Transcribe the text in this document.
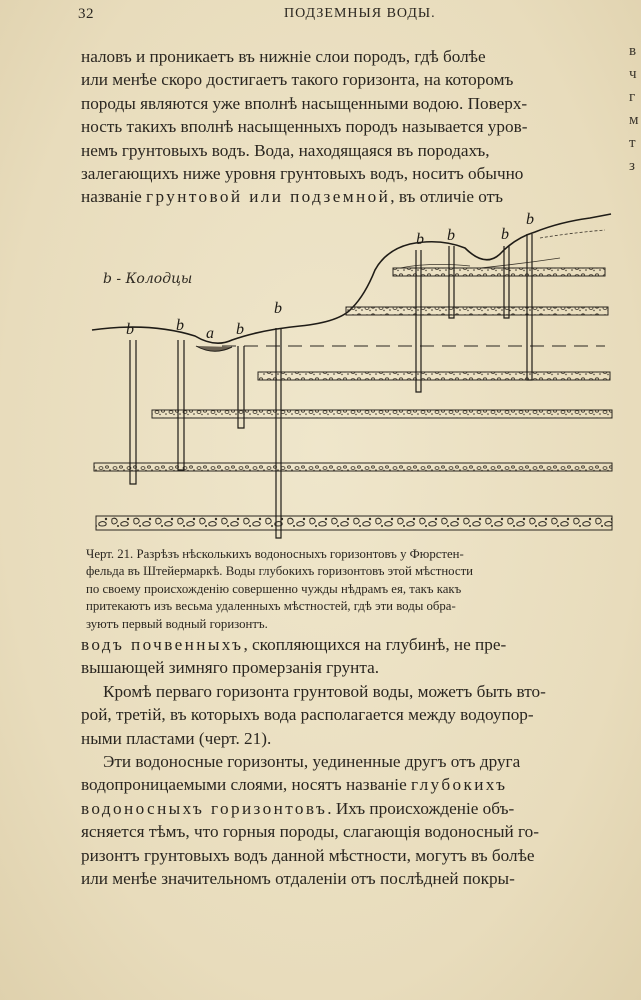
32	ПОДЗЕМНЫЯ ВОДЫ.

наловъ и проникаетъ въ нижніе слои породъ, гдѣ болѣе

или менѣе скоро достигаетъ такого горизонта, на которомъ

породы являются уже вполнѣ насыщенными водою. Поверх-

ность такихъ вполнѣ насыщенныхъ породъ называется уров-

немъ грунтовыхъ водъ. Вода, находящаяся въ породахъ,

залегающихъ ниже уровня грунтовыхъ водъ, носитъ обычно

названіе грунтовой или подземной, въ отличіе отъ

b	b a b
b
b b	b
b
b - Колодцы

Черт. 21. Разрѣзъ нѣсколькихъ водоносныхъ горизонтовъ у Фюрстен-

фельда въ Штейермаркѣ. Воды глубокихъ горизонтовъ этой мѣстности

по своему происхожденію совершенно чужды нѣдрамъ ея, такъ какъ

притекаютъ изъ весьма удаленныхъ мѣстностей, гдѣ эти воды обра-

зуютъ первый водный горизонтъ.

водъ почвенныхъ, скопляющихся на глубинѣ, не пре-

вышающей зимняго промерзанія грунта.

Кромѣ перваго горизонта грунтовой воды, можетъ быть вто-

рой, третій, въ которыхъ вода располагается между водоупор-

ными пластами (черт. 21).

Эти водоносные горизонты, уединенные другъ отъ друга

водопроницаемыми слоями, носятъ названіе глубокихъ

водоносныхъ горизонтовъ. Ихъ происхожденіе объ-

ясняется тѣмъ, что горныя породы, слагающія водоносный го-

ризонтъ грунтовыхъ водъ данной мѣстности, могутъ въ болѣе

или менѣе значительномъ отдаленіи отъ послѣдней покры-

в
ч
г
м
т
з
